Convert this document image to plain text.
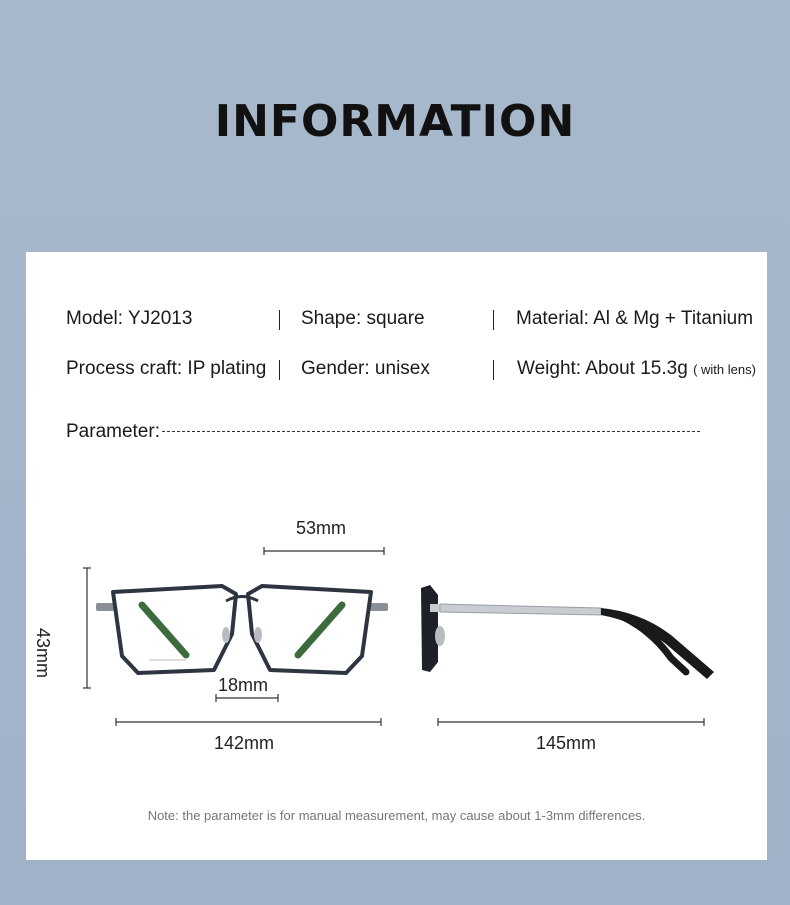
INFORMATION
Model: YJ2013	Shape: square	Material: Al & Mg + Titanium
Process craft: IP plating Gender: unisex	Weight: About 15.3g ( with lens)
Parameter:
53mm
43mm
18mm
142mm	145mm
Note: the parameter is for manual measurement, may cause about 1-3mm differences.
